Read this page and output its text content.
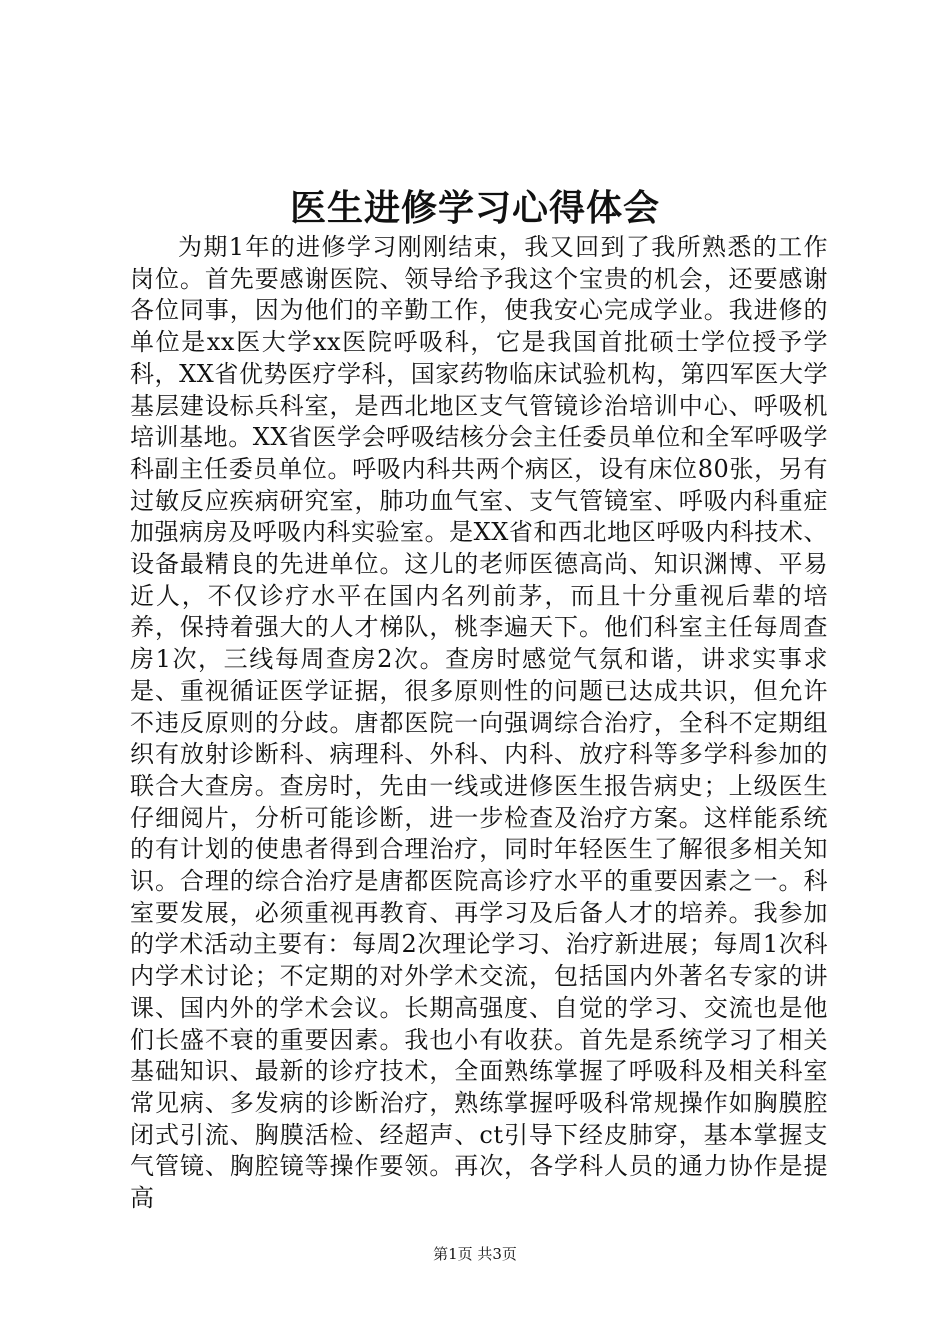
医生进修学习心得体会

为期1年的进修学习刚刚结束，我又回到了我所熟悉的工作岗位。首先要感谢医院、领导给予我这个宝贵的机会，还要感谢各位同事，因为他们的辛勤工作，使我安心完成学业。我进修的单位是xx医大学xx医院呼吸科，它是我国首批硕士学位授予学科，XX省优势医疗学科，国家药物临床试验机构，第四军医大学基层建设标兵科室，是西北地区支气管镜诊治培训中心、呼吸机培训基地。XX省医学会呼吸结核分会主任委员单位和全军呼吸学科副主任委员单位。呼吸内科共两个病区，设有床位80张，另有过敏反应疾病研究室，肺功血气室、支气管镜室、呼吸内科重症加强病房及呼吸内科实验室。是XX省和西北地区呼吸内科技术、设备最精良的先进单位。这儿的老师医德高尚、知识渊博、平易近人，不仅诊疗水平在国内名列前茅，而且十分重视后辈的培养，保持着强大的人才梯队，桃李遍天下。他们科室主任每周查房1次，三线每周查房2次。查房时感觉气氛和谐，讲求实事求是、重视循证医学证据，很多原则性的问题已达成共识，但允许不违反原则的分歧。唐都医院一向强调综合治疗，全科不定期组织有放射诊断科、病理科、外科、内科、放疗科等多学科参加的联合大查房。查房时，先由一线或进修医生报告病史；上级医生仔细阅片，分析可能诊断，进一步检查及治疗方案。这样能系统的有计划的使患者得到合理治疗，同时年轻医生了解很多相关知识。合理的综合治疗是唐都医院高诊疗水平的重要因素之一。科室要发展，必须重视再教育、再学习及后备人才的培养。我参加的学术活动主要有：每周2次理论学习、治疗新进展；每周1次科内学术讨论；不定期的对外学术交流，包括国内外著名专家的讲课、国内外的学术会议。长期高强度、自觉的学习、交流也是他们长盛不衰的重要因素。我也小有收获。首先是系统学习了相关基础知识、最新的诊疗技术，全面熟练掌握了呼吸科及相关科室常见病、多发病的诊断治疗，熟练掌握呼吸科常规操作如胸膜腔闭式引流、胸膜活检、经超声、ct引导下经皮肺穿，基本掌握支气管镜、胸腔镜等操作要领。再次，各学科人员的通力协作是提高

第1页 共3页
